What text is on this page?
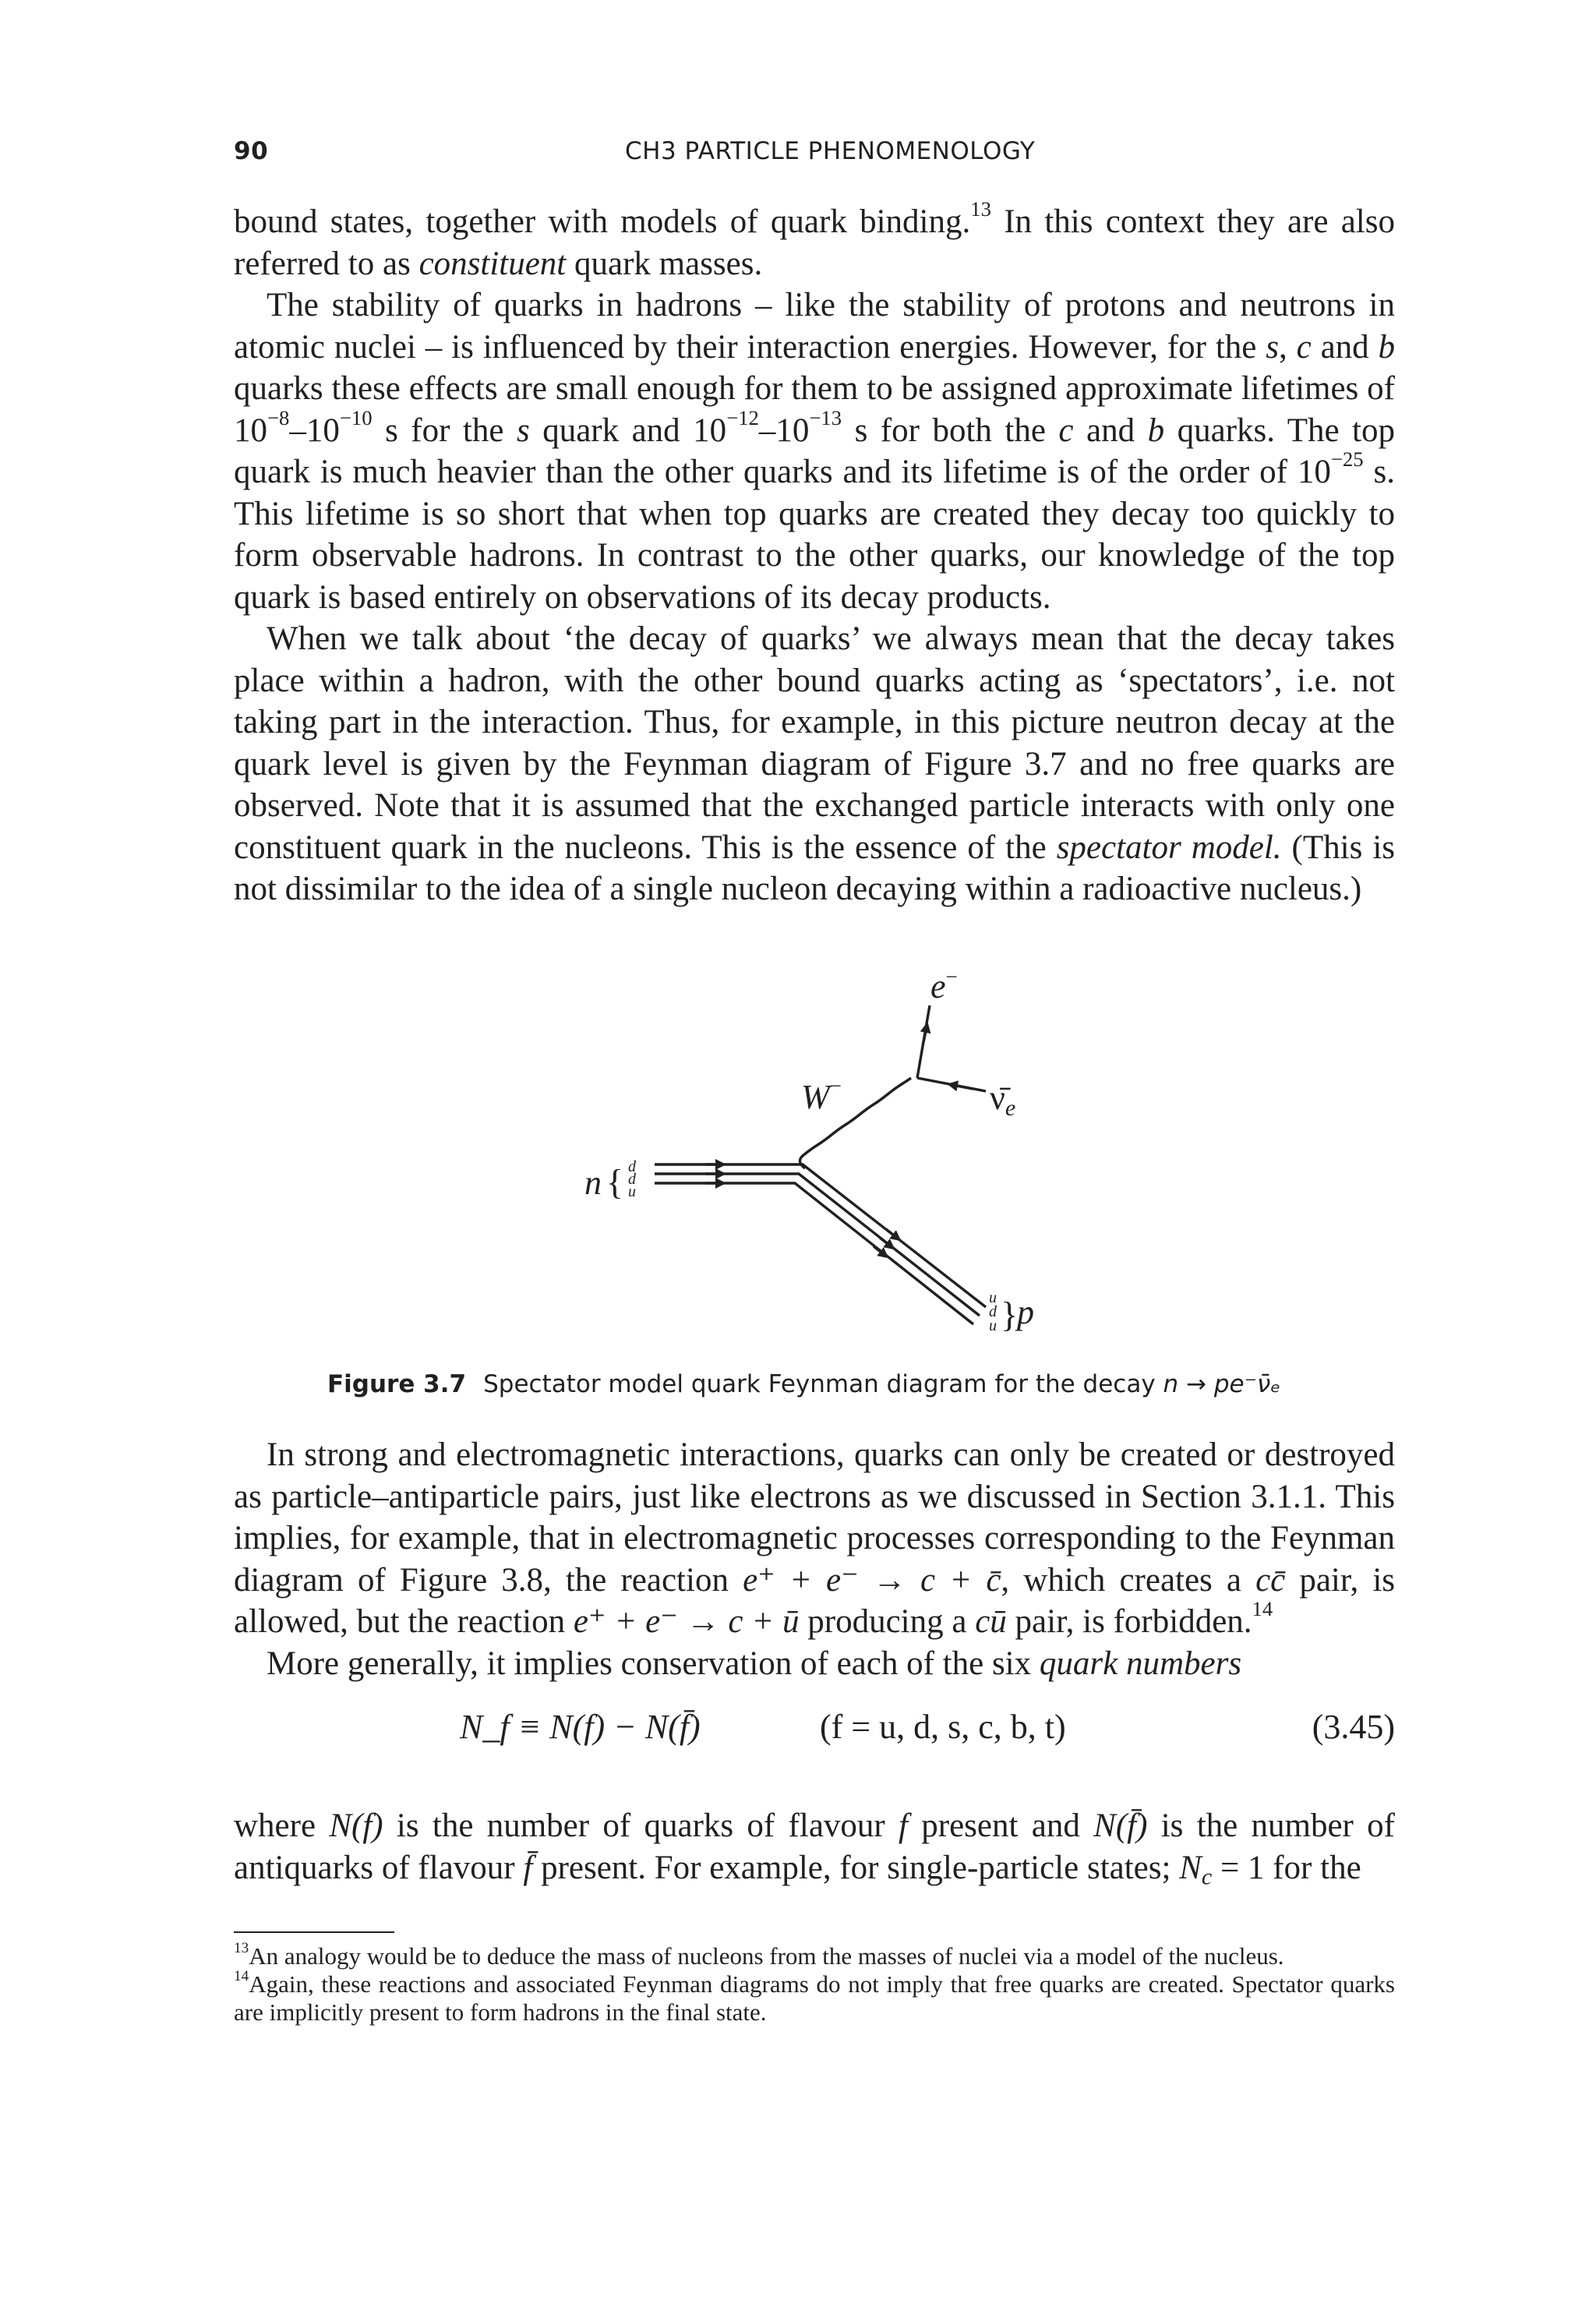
90	CH3 PARTICLE PHENOMENOLOGY

bound states, together with models of quark binding.$^{13}$ In this context they are also referred to as constituent quark masses.

The stability of quarks in hadrons – like the stability of protons and neutrons in atomic nuclei – is influenced by their interaction energies. However, for the s, c and b quarks these effects are small enough for them to be assigned approximate lifetimes of $10^{-8}-10^{-10}$ s for the s quark and $10^{-12}-10^{-13}$ s for both the c and b quarks. The top quark is much heavier than the other quarks and its lifetime is of the order of $10^{-25}$ s. This lifetime is so short that when top quarks are created they decay too quickly to form observable hadrons. In contrast to the other quarks, our knowledge of the top quark is based entirely on observations of its decay products.

When we talk about ‘the decay of quarks’ we always mean that the decay takes place within a hadron, with the other bound quarks acting as ‘spectators’, i.e. not taking part in the interaction. Thus, for example, in this picture neutron decay at the quark level is given by the Feynman diagram of Figure 3.7 and no free quarks are observed. Note that it is assumed that the exchanged particle interacts with only one constituent quark in the nucleons. This is the essence of the spectator model. (This is not dissimilar to the idea of a single nucleon decaying within a radioactive nucleus.)

n { d
d
u
u
d
u }
p
W−
e−
ν̄e
Figure 3.7 Spectator model quark Feynman diagram for the decay n → pe⁻ν̄ₑ

In strong and electromagnetic interactions, quarks can only be created or destroyed as particle–antiparticle pairs, just like electrons as we discussed in Section 3.1.1. This implies, for example, that in electromagnetic processes corresponding to the Feynman diagram of Figure 3.8, the reaction e⁺ + e⁻ → c + c̄, which creates a cc̄ pair, is allowed, but the reaction e⁺ + e⁻ → c + ū producing a cū pair, is forbidden.$^{14}$

More generally, it implies conservation of each of the six quark numbers

N_f ≡ N(f) − N(f̄)	(f = u, d, s, c, b, t)	(3.45)

where N(f) is the number of quarks of flavour f present and N(f̄) is the number of antiquarks of flavour f̄ present. For example, for single-particle states; $N_c = 1$ for the

$^{13}$An analogy would be to deduce the mass of nucleons from the masses of nuclei via a model of the nucleus.
$^{14}$Again, these reactions and associated Feynman diagrams do not imply that free quarks are created. Spectator quarks are implicitly present to form hadrons in the final state.
